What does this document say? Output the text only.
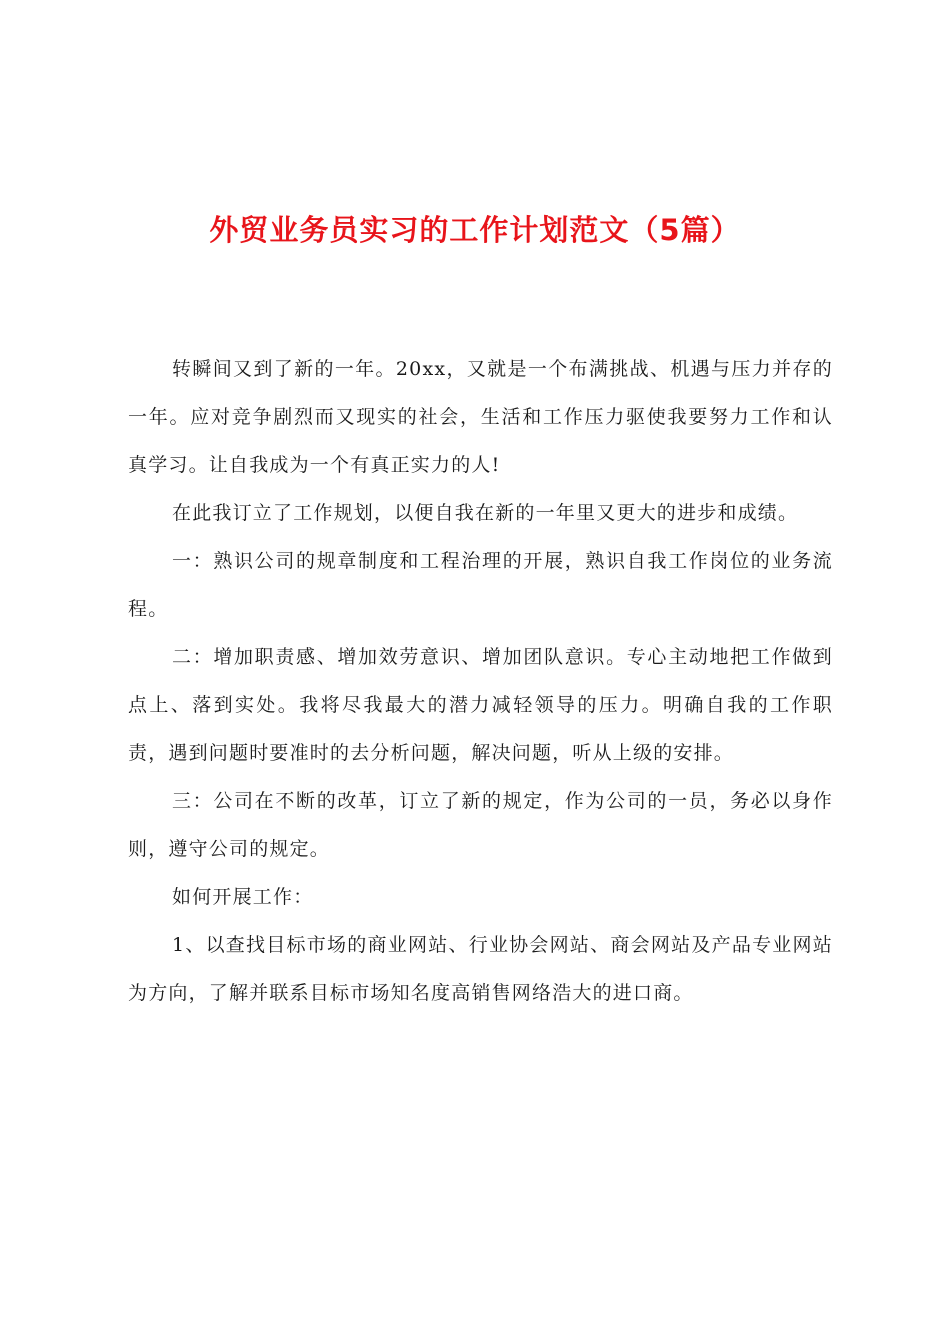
外贸业务员实习的工作计划范文（5篇）

转瞬间又到了新的一年。20xx，又就是一个布满挑战、机遇与压力并存的一年。应对竞争剧烈而又现实的社会，生活和工作压力驱使我要努力工作和认真学习。让自我成为一个有真正实力的人!

在此我订立了工作规划，以便自我在新的一年里又更大的进步和成绩。

一：熟识公司的规章制度和工程治理的开展，熟识自我工作岗位的业务流程。

二：增加职责感、增加效劳意识、增加团队意识。专心主动地把工作做到点上、落到实处。我将尽我最大的潜力减轻领导的压力。明确自我的工作职责，遇到问题时要准时的去分析问题，解决问题，听从上级的安排。

三：公司在不断的改革，订立了新的规定，作为公司的一员，务必以身作则，遵守公司的规定。

如何开展工作：

1、以查找目标市场的商业网站、行业协会网站、商会网站及产品专业网站为方向，了解并联系目标市场知名度高销售网络浩大的进口商。
